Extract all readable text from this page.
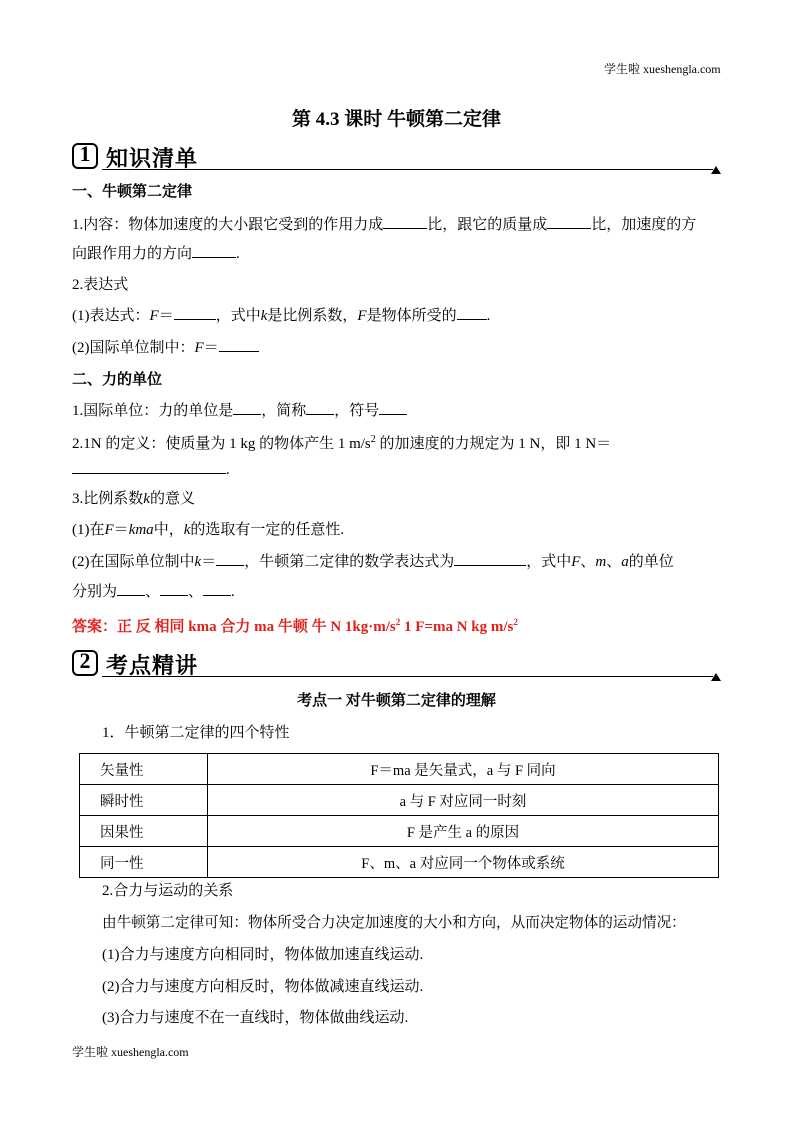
学生啦 xueshengla.com
学生啦 xueshengla.com
第 4.3 课时 牛顿第二定律
1 知识清单
一、牛顿第二定律
1.内容：物体加速度的大小跟它受到的作用力成	比，跟它的质量成	比，加速度的方
向跟作用力的方向	.
2.表达式
(1)表达式：F＝	，式中k是比例系数，F是物体所受的 .
(2)国际单位制中：F＝
二、力的单位
1.国际单位：力的单位是 ，简称 ，符号
2.1N 的定义：使质量为 1 kg 的物体产生 1 $m/s^2$ 的加速度的力规定为 1 N，即 1 N＝
.
3.比例系数k的意义
(1)在F＝kma中，k的选取有一定的任意性.
(2)在国际单位制中k＝ ，牛顿第二定律的数学表达式为	，式中F、m、a的单位
分别为 、 、 .
答案：正 反 相同 kma 合力 ma 牛顿 牛 N $1kg\cdot m/s^2$ 1 F=ma N kg $m/s^2$
2 考点精讲
考点一 对牛顿第二定律的理解
1．牛顿第二定律的四个特性
矢量性	F＝ma 是矢量式，a 与 F 同向
瞬时性	a 与 F 对应同一时刻
因果性	F 是产生 a 的原因
同一性	F、m、a 对应同一个物体或系统
2.合力与运动的关系
由牛顿第二定律可知：物体所受合力决定加速度的大小和方向，从而决定物体的运动情况：
(1)合力与速度方向相同时，物体做加速直线运动.
(2)合力与速度方向相反时，物体做减速直线运动.
(3)合力与速度不在一直线时，物体做曲线运动.
